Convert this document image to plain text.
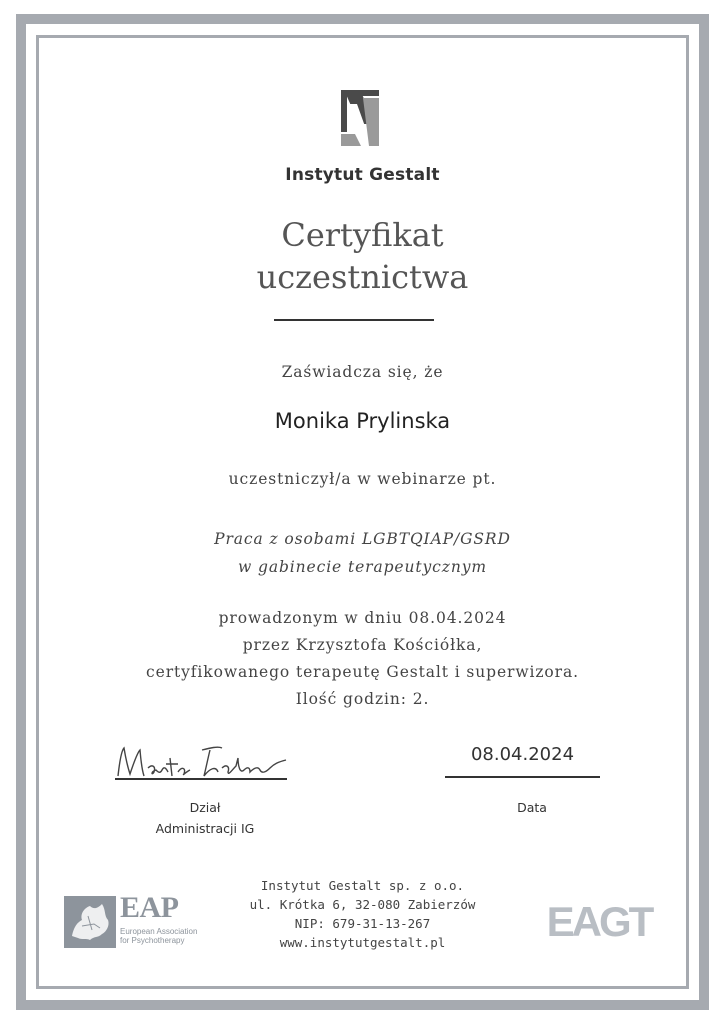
Instytut Gestalt
Certyfikat
uczestnictwa
Zaświadcza się, że
Monika Prylinska
uczestniczył/a w webinarze pt.
Praca z osobami LGBTQIAP/GSRD
w gabinecie terapeutycznym
prowadzonym w dniu 08.04.2024
przez Krzysztofa Kościółka,
certyfikowanego terapeutę Gestalt i superwizora.
Ilość godzin: 2.
Dział
Administracji IG
08.04.2024
Data
Instytut Gestalt sp. z o.o.
ul. Krótka 6, 32-080 Zabierzów
NIP: 679-31-13-267
www.instytutgestalt.pl
EAP
European Association
for Psychotherapy	EAGT
